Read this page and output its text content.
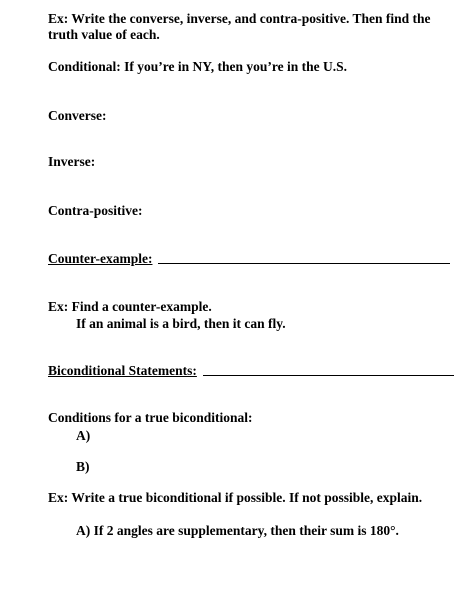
Ex: Write the converse, inverse, and contra-positive. Then find the
truth value of each.
Conditional: If you’re in NY, then you’re in the U.S.
Converse:
Inverse:
Contra-positive:
Counter-example:
Ex: Find a counter-example.
If an animal is a bird, then it can fly.
Biconditional Statements:
Conditions for a true biconditional:
A)
B)
Ex: Write a true biconditional if possible. If not possible, explain.
A) If 2 angles are supplementary, then their sum is 180°.
